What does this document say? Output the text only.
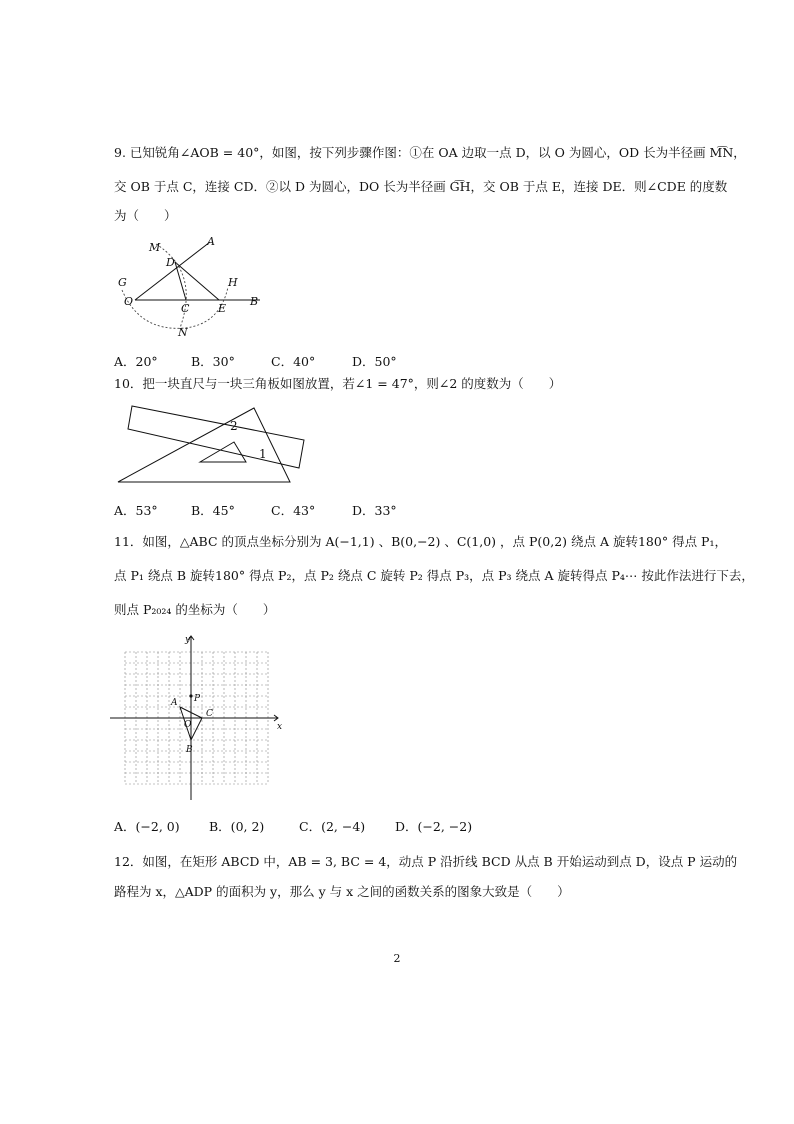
9. 已知锐角∠AOB = 40°，如图，按下列步骤作图：①在 OA 边取一点 D，以 O 为圆心，OD 长为半径画 M͡N，
交 OB 于点 C，连接 CD．②以 D 为圆心，DO 长为半径画 G͡H，交 OB 于点 E，连接 DE．则∠CDE 的度数
为（　　）
M	A
D
G	H
O
C	E
B
N
A．20°	B．30°	C．40°	D．50°
10．把一块直尺与一块三角板如图放置，若∠1 = 47°，则∠2 的度数为（　　）
2
1
A．53°	B．45°	C．43°	D．33°
11．如图，△ABC 的顶点坐标分别为 A(−1,1) 、B(0,−2) 、C(1,0) ，点 P(0,2) 绕点 A 旋转180° 得点 P₁，
点 P₁ 绕点 B 旋转180° 得点 P₂，点 P₂ 绕点 C 旋转 P₂ 得点 P₃，点 P₃ 绕点 A 旋转得点 P₄⋯ 按此作法进行下去，
则点 P₂₀₂₄ 的坐标为（　　）
x
y
A P
O
C
B
A．(−2, 0) B．(0, 2)	C．(2, −4) D．(−2, −2)
12．如图，在矩形 ABCD 中，AB = 3, BC = 4，动点 P 沿折线 BCD 从点 B 开始运动到点 D，设点 P 运动的
路程为 x，△ADP 的面积为 y，那么 y 与 x 之间的函数关系的图象大致是（　　）
2
